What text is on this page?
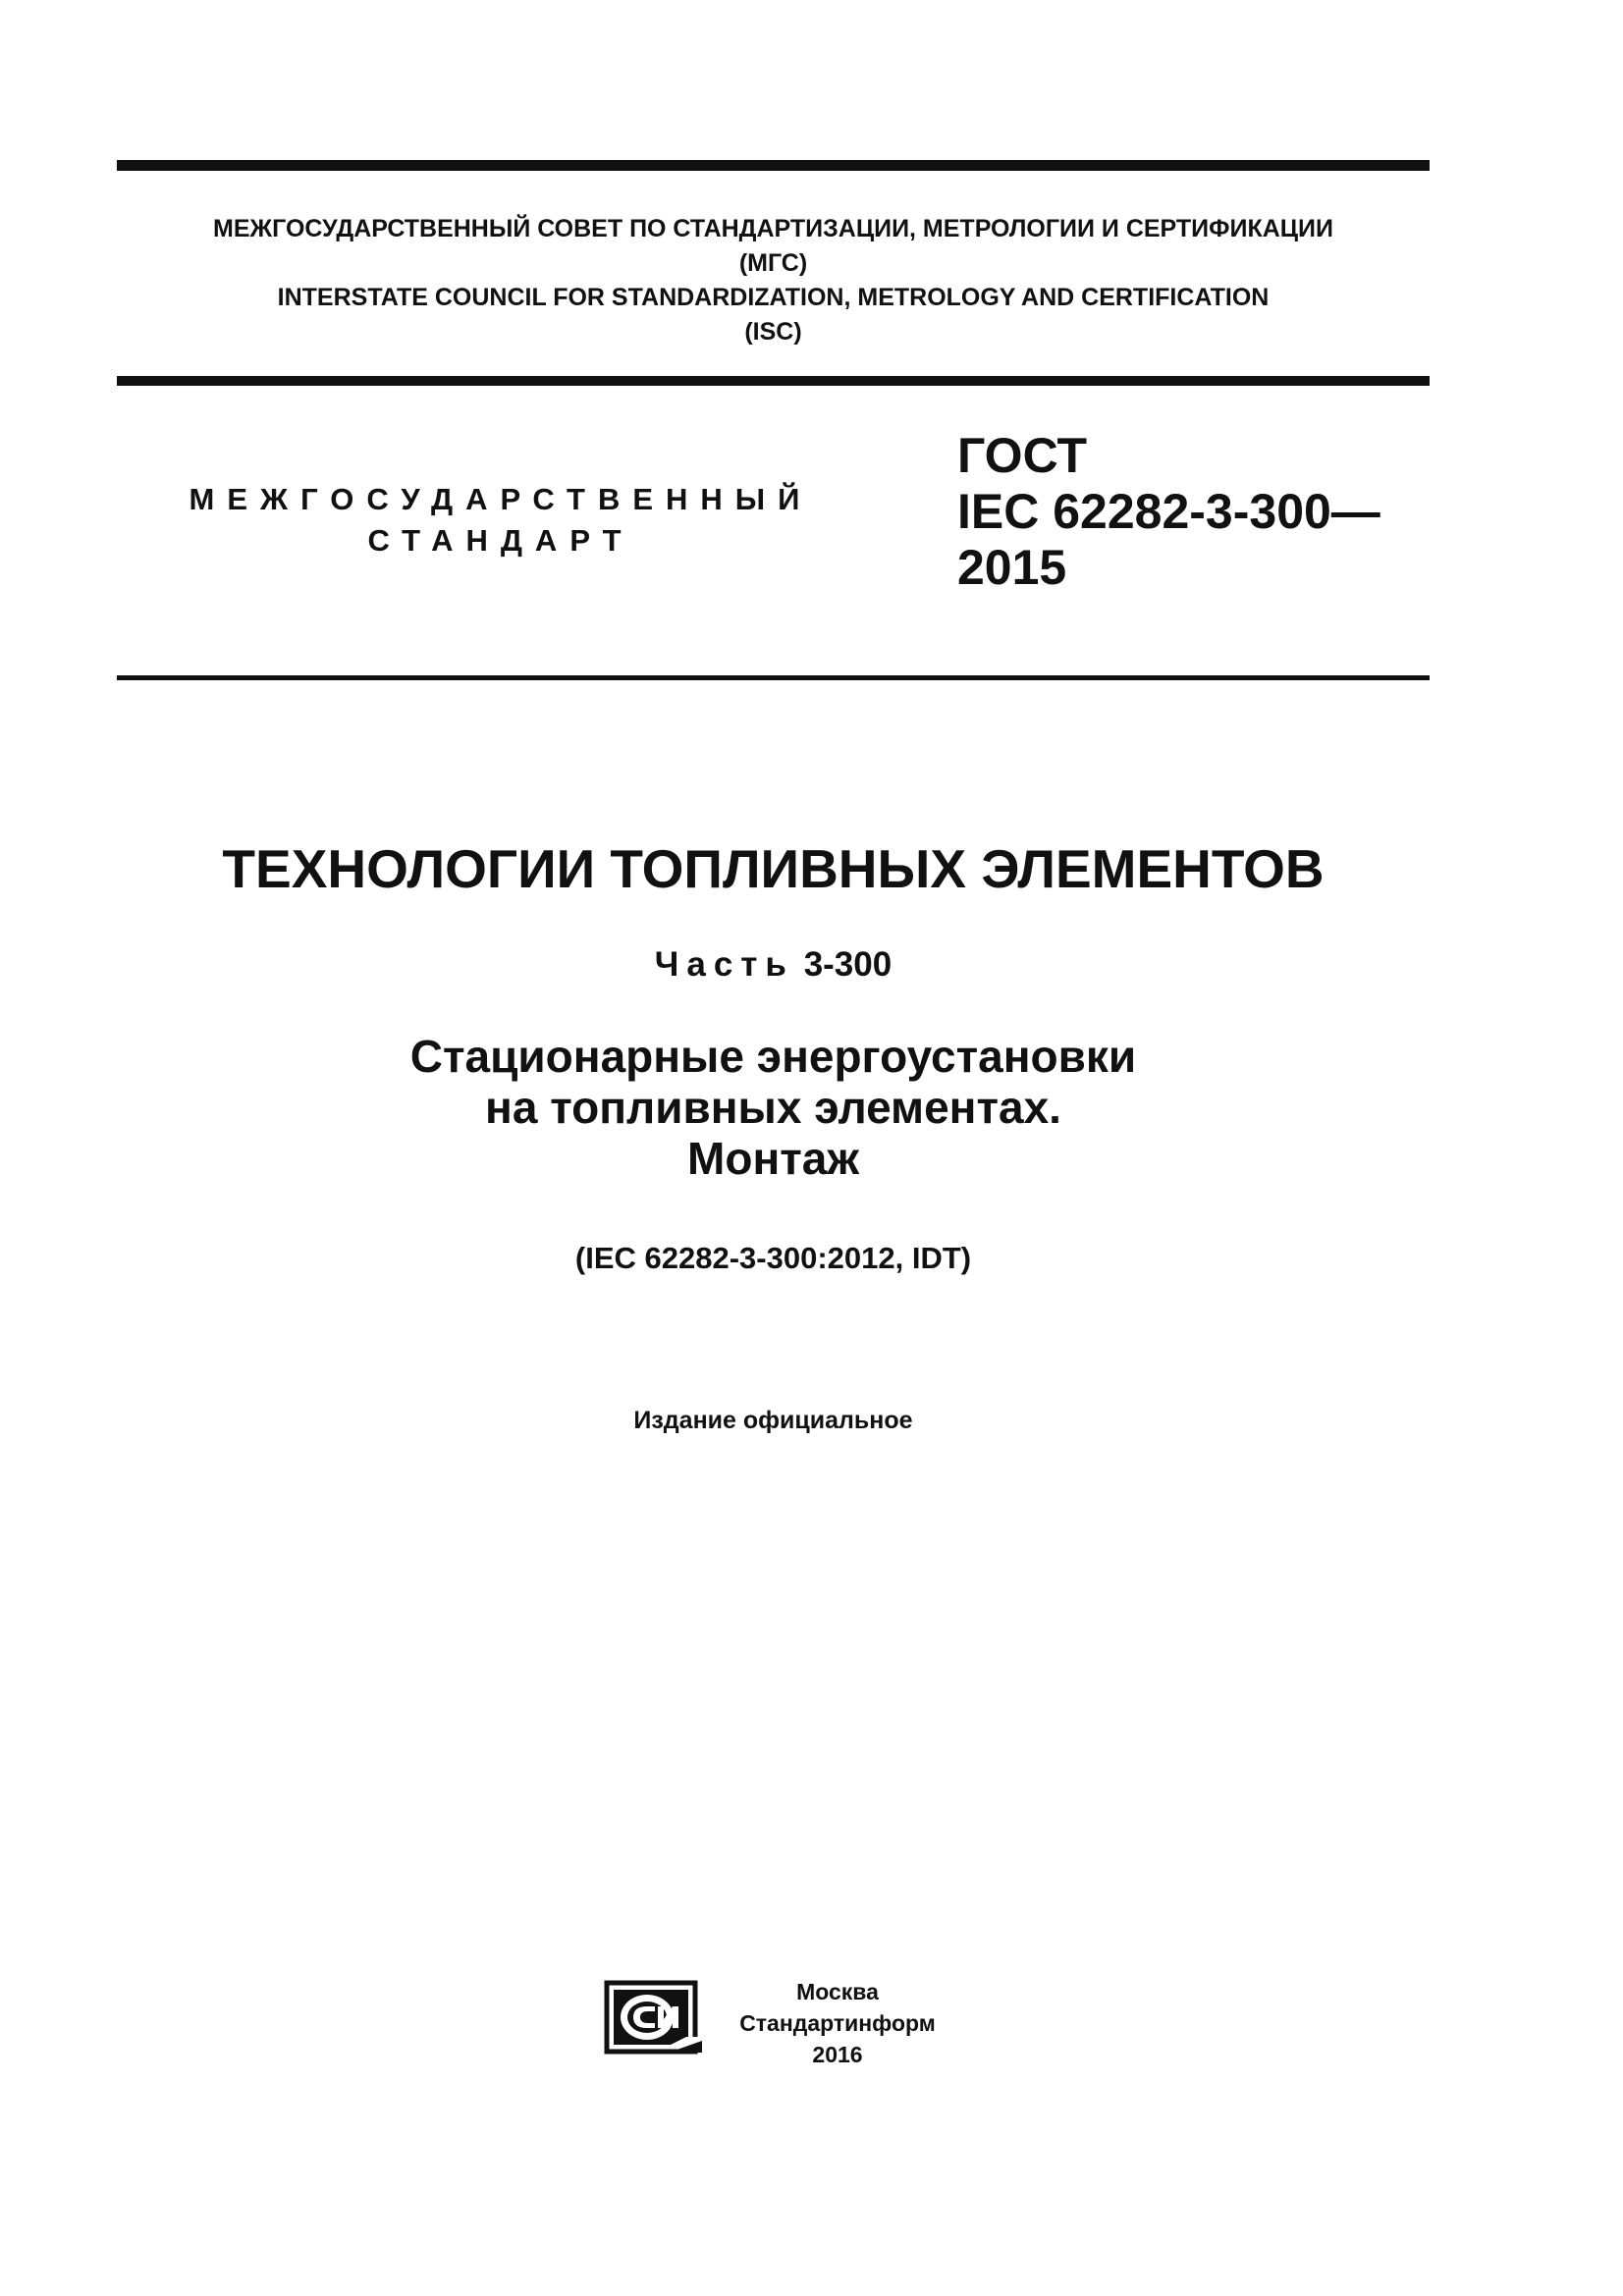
МЕЖГОСУДАРСТВЕННЫЙ СОВЕТ ПО СТАНДАРТИЗАЦИИ, МЕТРОЛОГИИ И СЕРТИФИКАЦИИ
(МГС)
INTERSTATE COUNCIL FOR STANDARDIZATION, METROLOGY AND CERTIFICATION
(ISC)
МЕЖГОСУДАРСТВЕННЫЙ
СТАНДАРТ
ГОСТ
IEC 62282-3-300—
2015
ТЕХНОЛОГИИ ТОПЛИВНЫХ ЭЛЕМЕНТОВ
Часть 3-300
Стационарные энергоустановки
на топливных элементах.
Монтаж
(IEC 62282-3-300:2012, IDT)
Издание официальное
Москва
Стандартинформ
2016
